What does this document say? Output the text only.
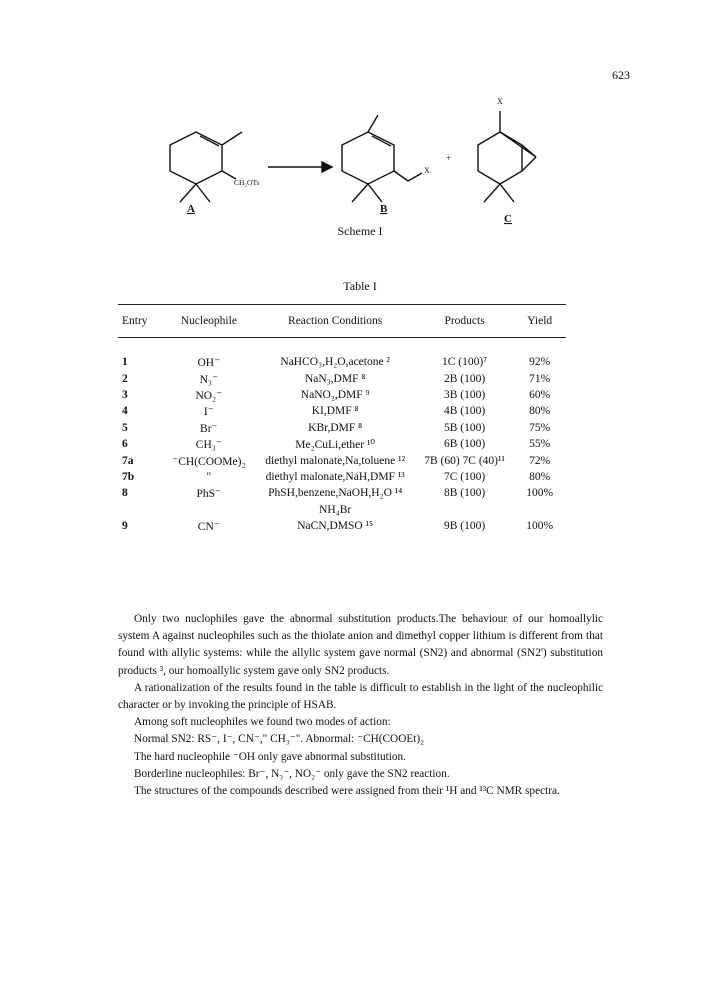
623
CH₂OTs
X
+
X
A	B
C
Scheme I
Table I
Entry	Nucleophile	Reaction Conditions	Products	Yield

1	OH⁻	NaHCO₃,H₂O,acetone ²	1C (100)⁷	92%
2	N₃⁻	NaN₃,DMF ⁸	2B (100)	71%
3	NO₂⁻	NaNO₂,DMF ⁹	3B (100)	60%
4	I⁻	KI,DMF ⁸	4B (100)	80%
5	Br⁻	KBr,DMF ⁸	5B (100)	75%
6	CH₃⁻	Me₂CuLi,ether ¹⁰	6B (100)	55%
7a	⁻CH(COOMe)₂	diethyl malonate,Na,toluene ¹²	7B (60) 7C (40)¹¹	72%
7b	"	diethyl malonate,NaH,DMF ¹³	7C (100)	80%
8	PhS⁻	PhSH,benzene,NaOH,H₂O ¹⁴	8B (100)	100%
		NH₄Br		
9	CN⁻	NaCN,DMSO ¹⁵	9B (100)	100%

Only two nuclophiles gave the abnormal substitution products.The behaviour of our homoallylic system A against nucleophiles such as the thiolate anion and dimethyl copper lithium is different from that found with allylic systems: while the allylic system gave normal (SN2) and abnormal (SN2') substitution products ³, our homoallylic system gave only SN2 products.

A rationalization of the results found in the table is difficult to establish in the light of the nucleophilic character or by invoking the principle of HSAB.

Among soft nucleophiles we found two modes of action:

Normal SN2: RS⁻, I⁻, CN⁻," CH₃⁻". Abnormal: ⁻CH(COOEt)₂

The hard nucleophile ⁻OH only gave abnormal substitution.

Borderline nucleophiles: Br⁻, N₃⁻, NO₂⁻ only gave the SN2 reaction.

The structures of the compounds described were assigned from their ¹H and ¹³C NMR spectra.
